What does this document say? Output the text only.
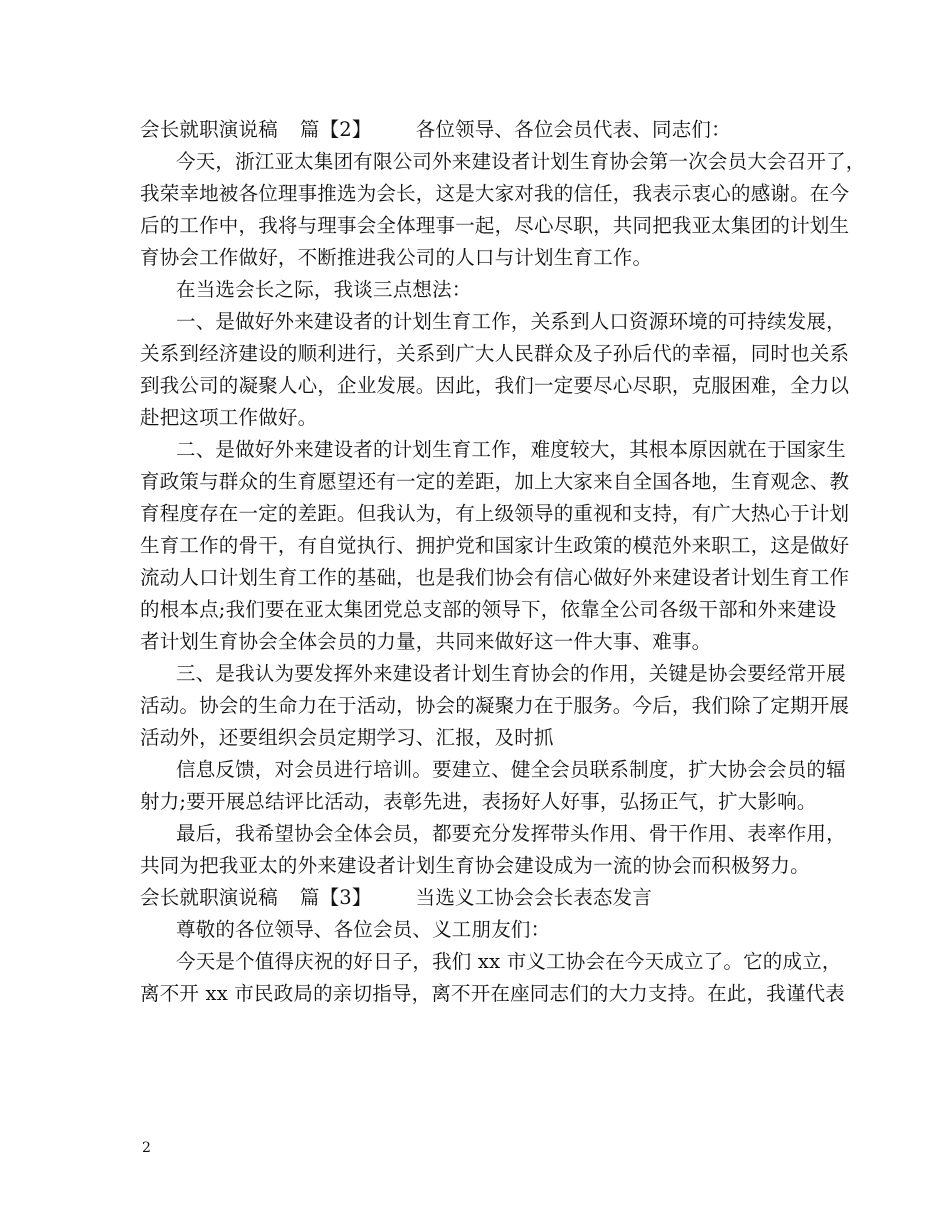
会长就职演说稿 篇【2】 各位领导、各位会员代表、同志们：
今天，浙江亚太集团有限公司外来建设者计划生育协会第一次会员大会召开了，
我荣幸地被各位理事推选为会长，这是大家对我的信任，我表示衷心的感谢。在今
后的工作中，我将与理事会全体理事一起，尽心尽职，共同把我亚太集团的计划生
育协会工作做好，不断推进我公司的人口与计划生育工作。
在当选会长之际，我谈三点想法：
一、是做好外来建设者的计划生育工作，关系到人口资源环境的可持续发展，
关系到经济建设的顺利进行，关系到广大人民群众及子孙后代的幸福，同时也关系
到我公司的凝聚人心，企业发展。因此，我们一定要尽心尽职，克服困难，全力以
赴把这项工作做好。
二、是做好外来建设者的计划生育工作，难度较大，其根本原因就在于国家生
育政策与群众的生育愿望还有一定的差距，加上大家来自全国各地，生育观念、教
育程度存在一定的差距。但我认为，有上级领导的重视和支持，有广大热心于计划
生育工作的骨干，有自觉执行、拥护党和国家计生政策的模范外来职工，这是做好
流动人口计划生育工作的基础，也是我们协会有信心做好外来建设者计划生育工作
的根本点;我们要在亚太集团党总支部的领导下，依靠全公司各级干部和外来建设
者计划生育协会全体会员的力量，共同来做好这一件大事、难事。
三、是我认为要发挥外来建设者计划生育协会的作用，关键是协会要经常开展
活动。协会的生命力在于活动，协会的凝聚力在于服务。今后，我们除了定期开展
活动外，还要组织会员定期学习、汇报，及时抓
信息反馈，对会员进行培训。要建立、健全会员联系制度，扩大协会会员的辐
射力;要开展总结评比活动，表彰先进，表扬好人好事，弘扬正气，扩大影响。
最后，我希望协会全体会员，都要充分发挥带头作用、骨干作用、表率作用，
共同为把我亚太的外来建设者计划生育协会建设成为一流的协会而积极努力。
会长就职演说稿 篇【3】 当选义工协会会长表态发言
尊敬的各位领导、各位会员、义工朋友们：
今天是个值得庆祝的好日子，我们 xx 市义工协会在今天成立了。它的成立，
离不开 xx 市民政局的亲切指导，离不开在座同志们的大力支持。在此，我谨代表
2
